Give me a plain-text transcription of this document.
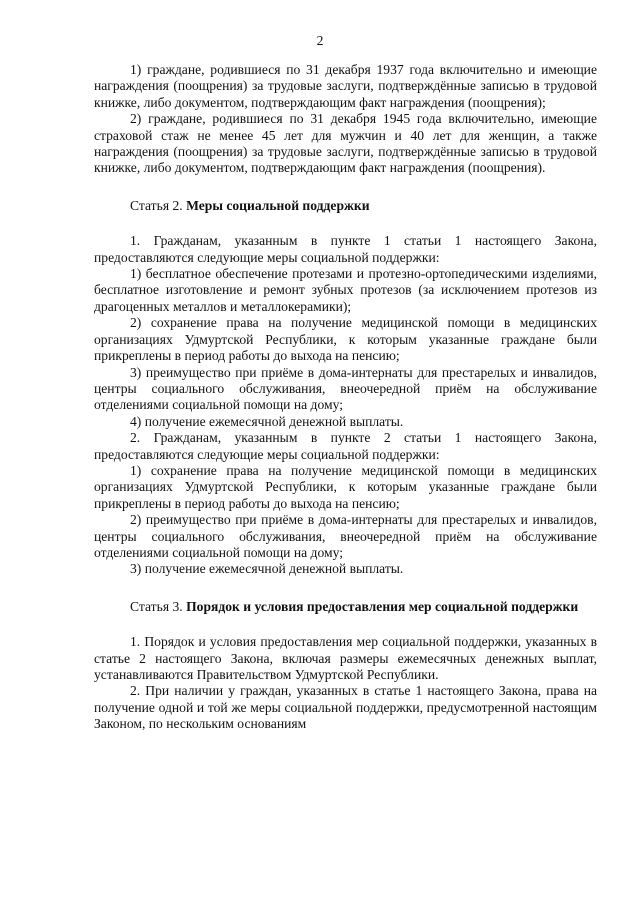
2

1) граждане, родившиеся по 31 декабря 1937 года включительно и имеющие награждения (поощрения) за трудовые заслуги, подтверждённые записью в трудовой книжке, либо документом, подтверждающим факт награждения (поощрения);

2) граждане, родившиеся по 31 декабря 1945 года включительно, имеющие страховой стаж не менее 45 лет для мужчин и 40 лет для женщин, а также награждения (поощрения) за трудовые заслуги, подтверждённые записью в трудовой книжке, либо документом, подтверждающим факт награждения (поощрения).

Статья 2. Меры социальной поддержки

1. Гражданам, указанным в пункте 1 статьи 1 настоящего Закона, предоставляются следующие меры социальной поддержки:

1) бесплатное обеспечение протезами и протезно-ортопедическими изделиями, бесплатное изготовление и ремонт зубных протезов (за исключением протезов из драгоценных металлов и металлокерамики);

2) сохранение права на получение медицинской помощи в медицинских организациях Удмуртской Республики, к которым указанные граждане были прикреплены в период работы до выхода на пенсию;

3) преимущество при приёме в дома-интернаты для престарелых и инвалидов, центры социального обслуживания, внеочередной приём на обслуживание отделениями социальной помощи на дому;

4) получение ежемесячной денежной выплаты.

2. Гражданам, указанным в пункте 2 статьи 1 настоящего Закона, предоставляются следующие меры социальной поддержки:

1) сохранение права на получение медицинской помощи в медицинских организациях Удмуртской Республики, к которым указанные граждане были прикреплены в период работы до выхода на пенсию;

2) преимущество при приёме в дома-интернаты для престарелых и инвалидов, центры социального обслуживания, внеочередной приём на обслуживание отделениями социальной помощи на дому;

3) получение ежемесячной денежной выплаты.

Статья 3. Порядок и условия предоставления мер социальной поддержки

1. Порядок и условия предоставления мер социальной поддержки, указанных в статье 2 настоящего Закона, включая размеры ежемесячных денежных выплат, устанавливаются Правительством Удмуртской Республики.

2. При наличии у граждан, указанных в статье 1 настоящего Закона, права на получение одной и той же меры социальной поддержки, предусмотренной настоящим Законом, по нескольким основаниям
